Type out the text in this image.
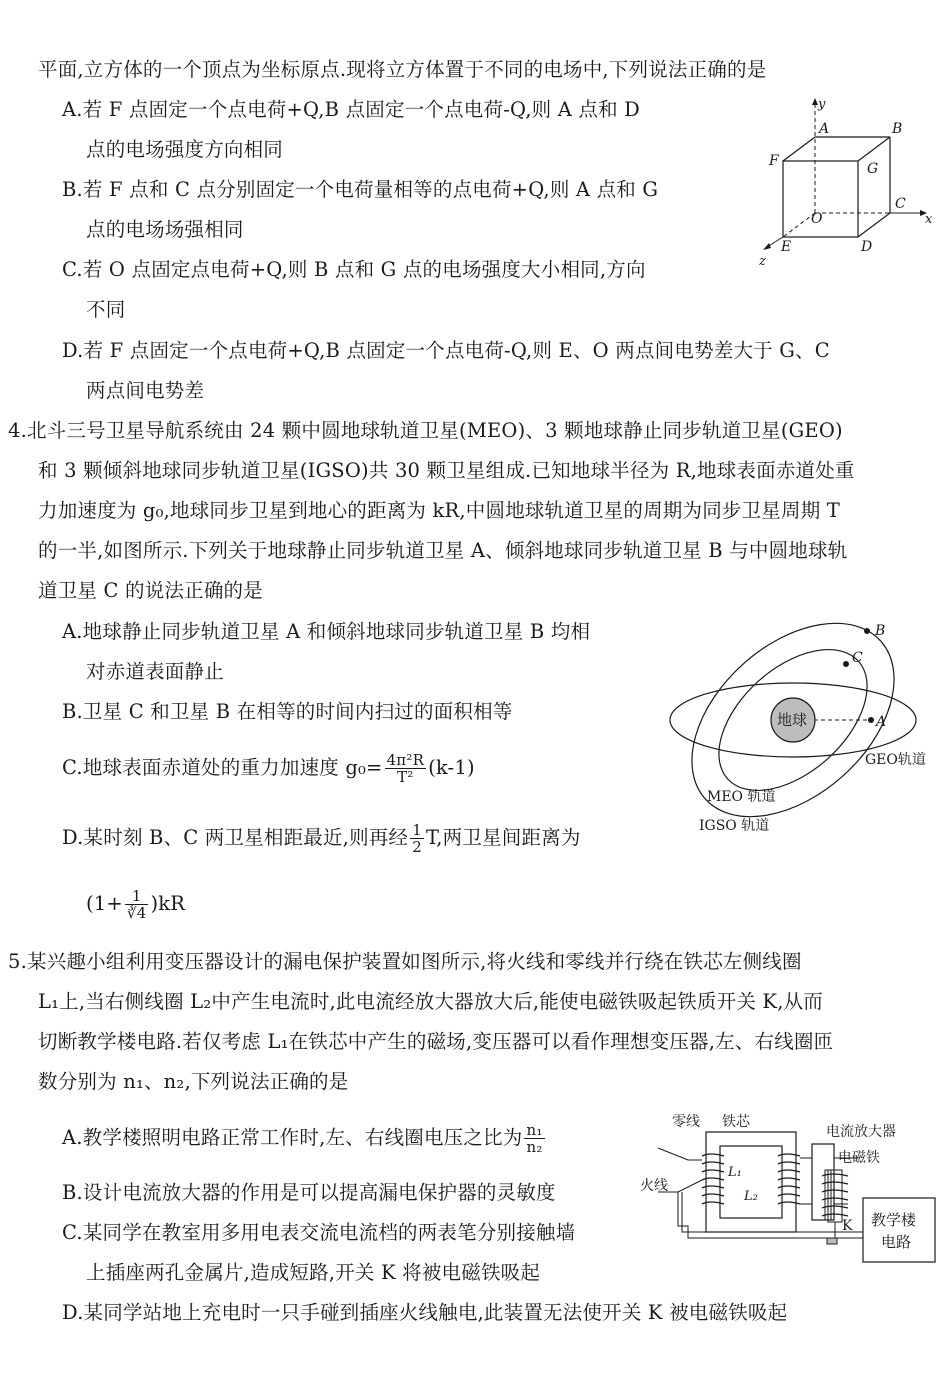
平面,立方体的一个顶点为坐标原点.现将立方体置于不同的电场中,下列说法正确的是
A.若 F 点固定一个点电荷+Q,B 点固定一个点电荷-Q,则 A 点和 D
点的电场强度方向相同
B.若 F 点和 C 点分别固定一个电荷量相等的点电荷+Q,则 A 点和 G
点的电场场强相同
C.若 O 点固定点电荷+Q,则 B 点和 G 点的电场强度大小相同,方向
不同
D.若 F 点固定一个点电荷+Q,B 点固定一个点电荷-Q,则 E、O 两点间电势差大于 G、C
两点间电势差
y
A	B
F	G
C
x
O
E	D
z
4.北斗三号卫星导航系统由 24 颗中圆地球轨道卫星(MEO)、3 颗地球静止同步轨道卫星(GEO)
和 3 颗倾斜地球同步轨道卫星(IGSO)共 30 颗卫星组成.已知地球半径为 R,地球表面赤道处重
力加速度为 g₀,地球同步卫星到地心的距离为 kR,中圆地球轨道卫星的周期为同步卫星周期 T
的一半,如图所示.下列关于地球静止同步轨道卫星 A、倾斜地球同步轨道卫星 B 与中圆地球轨
道卫星 C 的说法正确的是
A.地球静止同步轨道卫星 A 和倾斜地球同步轨道卫星 B 均相
对赤道表面静止
B.卫星 C 和卫星 B 在相等的时间内扫过的面积相等
C.地球表面赤道处的重力加速度 $g_0= \frac{\text{4π²R}}{\text{T²}} (k-1)$
D.某时刻 B、C 两卫星相距最近,则再经 $\frac{1}{2} T$,两卫星间距离为
$(1+ \frac{1}{∛4} )kR$
地球	A
B
C
GEO轨道
MEO 轨道
IGSO 轨道
5.某兴趣小组利用变压器设计的漏电保护装置如图所示,将火线和零线并行绕在铁芯左侧线圈
L₁上,当右侧线圈 L₂中产生电流时,此电流经放大器放大后,能使电磁铁吸起铁质开关 K,从而
切断教学楼电路.若仅考虑 L₁在铁芯中产生的磁场,变压器可以看作理想变压器,左、右线圈匝
数分别为 n₁、n₂,下列说法正确的是
A.教学楼照明电路正常工作时,左、右线圈电压之比为 $\frac{\text{n₁}}{\text{n₂}}$
B.设计电流放大器的作用是可以提高漏电保护器的灵敏度
C.某同学在教室用多用电表交流电流档的两表笔分别接触墙
上插座两孔金属片,造成短路,开关 K 将被电磁铁吸起
D.某同学站地上充电时一只手碰到插座火线触电,此装置无法使开关 K 被电磁铁吸起
L₁
L₂
零线 铁芯
火线
电流放大器
电磁铁
K 教学楼
电路
